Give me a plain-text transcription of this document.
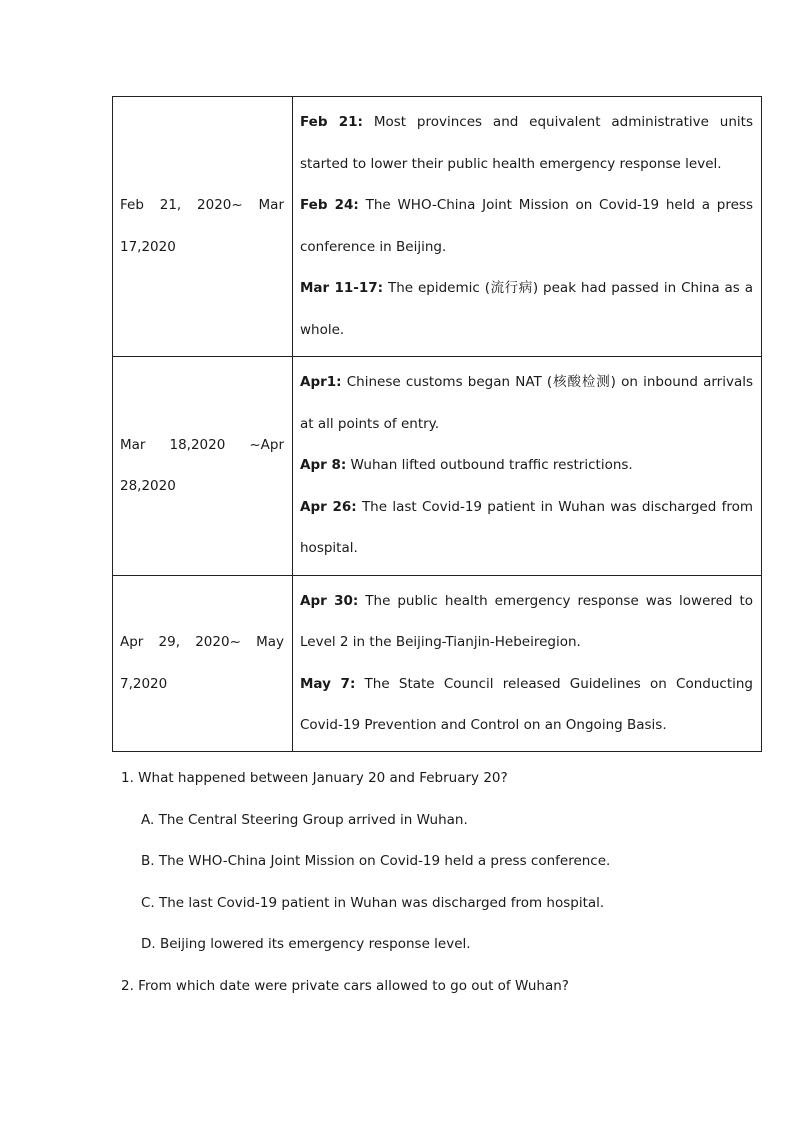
Feb 21, 2020~ Mar
17,2020	Feb 21: Most provinces and equivalent administrative units started to lower their public health emergency response level.
Feb 24: The WHO-China Joint Mission on Covid-19 held a press conference in Beijing.
Mar 11-17: The epidemic (流行病) peak had passed in China as a whole.

Mar 18,2020 ~Apr
28,2020	Apr1: Chinese customs began NAT (核酸检测) on inbound arrivals at all points of entry.
Apr 8: Wuhan lifted outbound traffic restrictions.
Apr 26: The last Covid-19 patient in Wuhan was discharged from hospital.

Apr 29, 2020~ May
7,2020	Apr 30: The public health emergency response was lowered to Level 2 in the Beijing-Tianjin-Hebeiregion.
May 7: The State Council released Guidelines on Conducting Covid-19 Prevention and Control on an Ongoing Basis.

1. What happened between January 20 and February 20?

A. The Central Steering Group arrived in Wuhan.

B. The WHO-China Joint Mission on Covid-19 held a press conference.

C. The last Covid-19 patient in Wuhan was discharged from hospital.

D. Beijing lowered its emergency response level.

2. From which date were private cars allowed to go out of Wuhan?
